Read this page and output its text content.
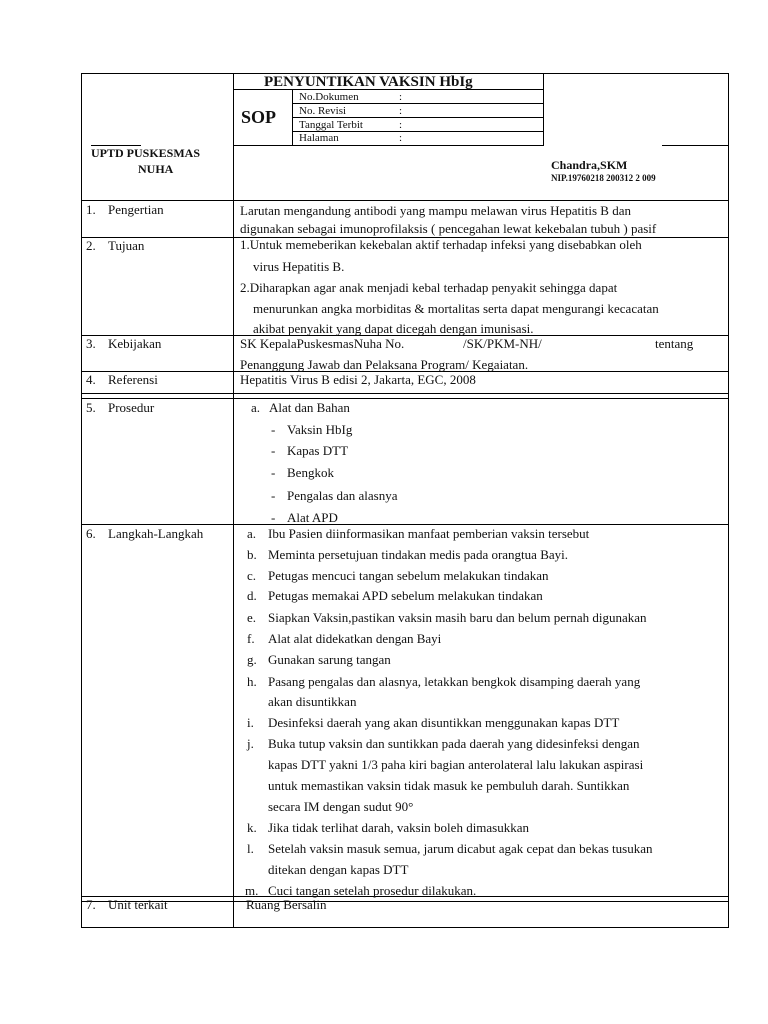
PENYUNTIKAN VAKSIN HbIg
SOP
No.Dokumen	:
No. Revisi	:
Tanggal Terbit	:
Halaman	:
UPTD PUSKESMAS
NUHA	Chandra,SKM
NIP.19760218 200312 2 009
1. Pengertian	Larutan mengandung antibodi yang mampu melawan virus Hepatitis B dan
digunakan sebagai imunoprofilaksis ( pencegahan lewat kekebalan tubuh ) pasif
2. Tujuan	1.Untuk memeberikan kekebalan aktif terhadap infeksi yang disebabkan oleh
virus Hepatitis B.
2.Diharapkan agar anak menjadi kebal terhadap penyakit sehingga dapat
menurunkan angka morbiditas & mortalitas serta dapat mengurangi kecacatan
akibat penyakit yang dapat dicegah dengan imunisasi.
3. Kebijakan	SK KepalaPuskesmasNuha No.	/SK/PKM-NH/	tentang
Penanggung Jawab dan Pelaksana Program/ Kegaiatan.
4. Referensi	Hepatitis Virus B edisi 2, Jakarta, EGC, 2008
5. Prosedur	a. Alat dan Bahan
- Vaksin HbIg
- Kapas DTT
- Bengkok
- Pengalas dan alasnya
- Alat APD
6. Langkah-Langkah	a. Ibu Pasien diinformasikan manfaat pemberian vaksin tersebut
b. Meminta persetujuan tindakan medis pada orangtua Bayi.
c. Petugas mencuci tangan sebelum melakukan tindakan
d. Petugas memakai APD sebelum melakukan tindakan
e. Siapkan Vaksin,pastikan vaksin masih baru dan belum pernah digunakan
f. Alat alat didekatkan dengan Bayi
g. Gunakan sarung tangan
h. Pasang pengalas dan alasnya, letakkan bengkok disamping daerah yang
akan disuntikkan
i. Desinfeksi daerah yang akan disuntikkan menggunakan kapas DTT
j. Buka tutup vaksin dan suntikkan pada daerah yang didesinfeksi dengan
kapas DTT yakni 1/3 paha kiri bagian anterolateral lalu lakukan aspirasi
untuk memastikan vaksin tidak masuk ke pembuluh darah. Suntikkan
secara IM dengan sudut 90°
k. Jika tidak terlihat darah, vaksin boleh dimasukkan
l. Setelah vaksin masuk semua, jarum dicabut agak cepat dan bekas tusukan
ditekan dengan kapas DTT
m. Cuci tangan setelah prosedur dilakukan.
7. Unit terkait	Ruang Bersalin
